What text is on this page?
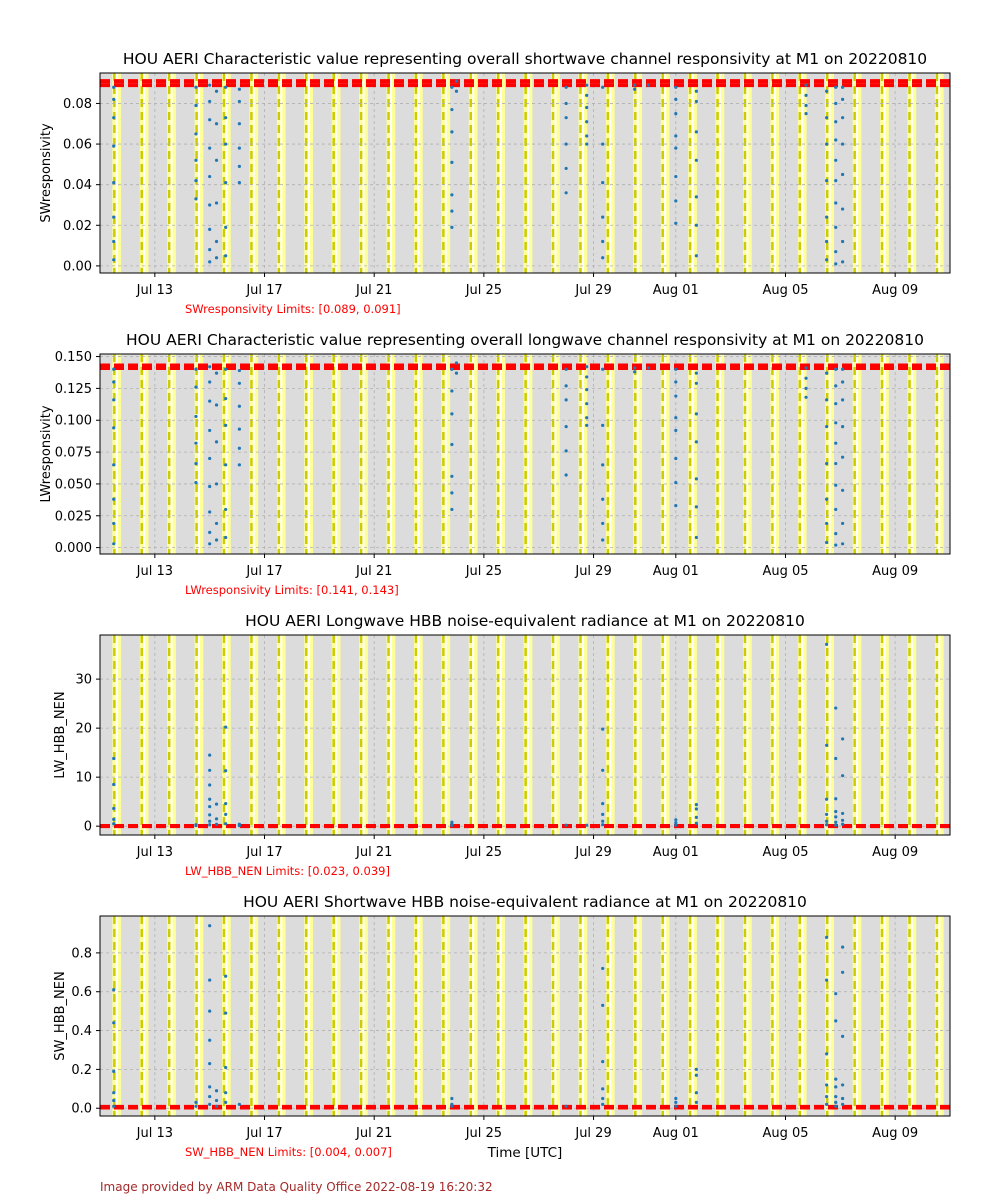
0.00
0.02
0.04
0.06
0.08
Jul 13	Jul 17	Jul 21	Jul 25	Jul 29	Aug 01	Aug 05	Aug 09
HOU AERI Characteristic value representing overall shortwave channel responsivity at M1 on 20220810
SWresponsivity
SWresponsivity Limits: [0.089, 0.091]
0.000
0.025
0.050
0.075
0.100
0.125
0.150
Jul 13	Jul 17	Jul 21	Jul 25	Jul 29	Aug 01	Aug 05	Aug 09
HOU AERI Characteristic value representing overall longwave channel responsivity at M1 on 20220810
LWresponsivity
LWresponsivity Limits: [0.141, 0.143]
0
10
20
30
Jul 13	Jul 17	Jul 21	Jul 25	Jul 29	Aug 01	Aug 05	Aug 09
HOU AERI Longwave HBB noise-equivalent radiance at M1 on 20220810
LW_HBB_NEN
LW_HBB_NEN Limits: [0.023, 0.039]
0.0
0.2
0.4
0.6
0.8
Jul 13	Jul 17	Jul 21	Jul 25	Jul 29	Aug 01	Aug 05	Aug 09
HOU AERI Shortwave HBB noise-equivalent radiance at M1 on 20220810
SW_HBB_NEN
SW_HBB_NEN Limits: [0.004, 0.007]	Time [UTC]
Image provided by ARM Data Quality Office 2022-08-19 16:20:32
